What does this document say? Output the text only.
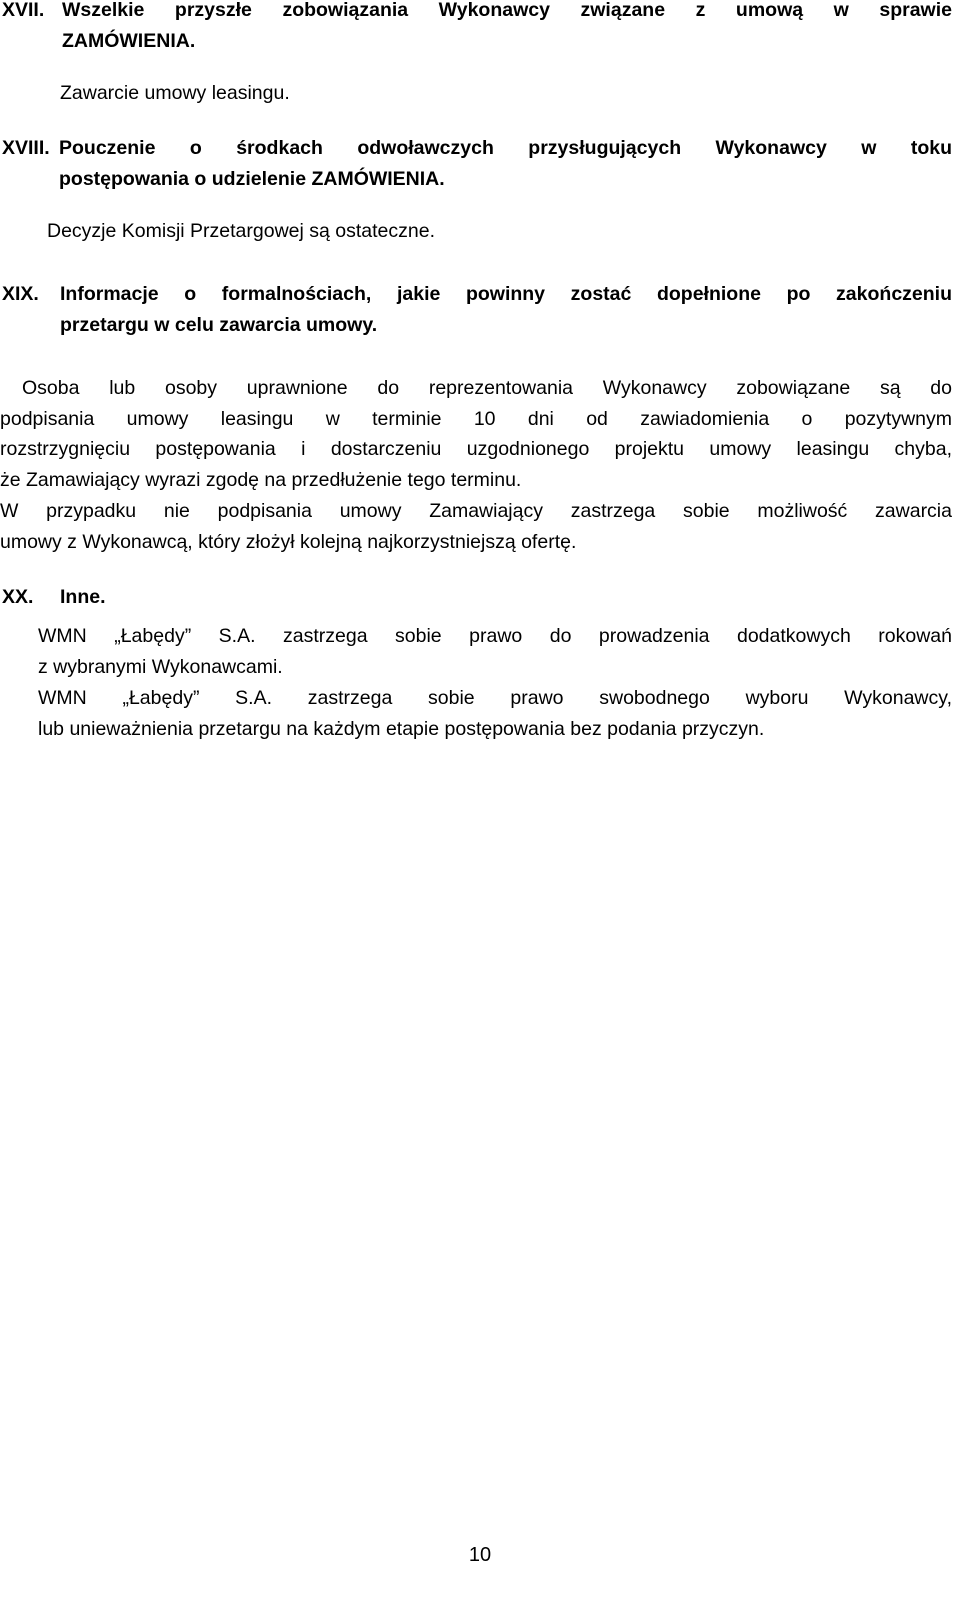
XVII. Wszelkie przyszłe zobowiązania Wykonawcy związane z umową w sprawie
ZAMÓWIENIA.
Zawarcie umowy leasingu.
XVIII. Pouczenie o środkach odwoławczych przysługujących Wykonawcy w toku
postępowania o udzielenie ZAMÓWIENIA.
Decyzje Komisji Przetargowej są ostateczne.
XIX.	Informacje o formalnościach, jakie powinny zostać dopełnione po zakończeniu
przetargu w celu zawarcia umowy.
Osoba lub osoby uprawnione do reprezentowania Wykonawcy zobowiązane są do
podpisania umowy leasingu w terminie 10 dni od zawiadomienia o pozytywnym
rozstrzygnięciu postępowania i dostarczeniu uzgodnionego projektu umowy leasingu chyba,
że Zamawiający wyrazi zgodę na przedłużenie tego terminu.
W przypadku nie podpisania umowy Zamawiający zastrzega sobie możliwość zawarcia
umowy z Wykonawcą, który złożył kolejną najkorzystniejszą ofertę.
XX.	Inne.
WMN „Łabędy” S.A. zastrzega sobie prawo do prowadzenia dodatkowych rokowań
z wybranymi Wykonawcami.
WMN „Łabędy” S.A. zastrzega sobie prawo swobodnego wyboru Wykonawcy,
lub unieważnienia przetargu na każdym etapie postępowania bez podania przyczyn.
10
